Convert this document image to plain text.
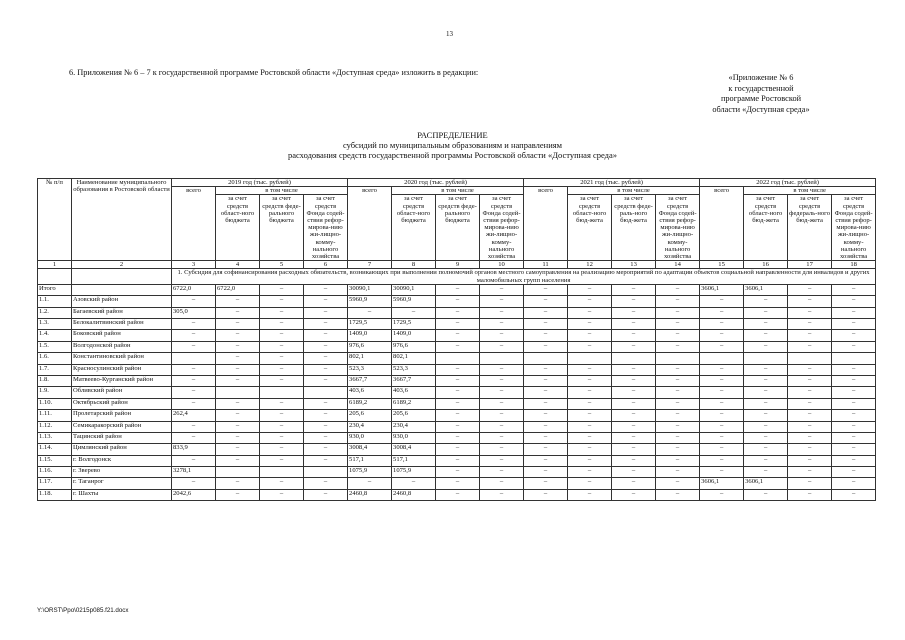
13
6. Приложения № 6 – 7 к государственной программе Ростовской области «Доступная среда» изложить в редакции:
«Приложение № 6
к государственной
программе Ростовской
области «Доступная среда»
РАСПРЕДЕЛЕНИЕ
субсидий по муниципальным образованиям и направлениям
расходования средств государственной программы Ростовской области «Доступная среда»
№ п/п	Наименование муниципального образования в Ростовской области	2019 год (тыс. рублей)				2020 год (тыс. рублей)				2021 год (тыс. рублей)				2022 год (тыс. рублей)			
		всего	в том числе			всего	в том числе			всего	в том числе			всего	в том числе		
			за счет средств област-ного бюджета	за счет средств феде-рального бюджета	за счет средств Фонда содей-ствия рефор-мирова-нию жи-лищно-комму-нального хозяйства		за счет средств област-ного бюджета	за счет средств феде-рального бюджета	за счет средств Фонда содей-ствия рефор-мирова-нию жи-лищно-комму-нального хозяйства		за счет средств област-ного бюд-жета	за счет средств феде-раль-ного бюд-жета	за счет средств Фонда содей-ствия рефор-мирова-нию жи-лищно-комму-нального хозяйства		за счет средств област-ного бюд-жета	за счет средств федераль-ного бюд-жета	за счет средств Фонда содей-ствия рефор-мирова-нию жи-лищно-комму-нального хозяйства
1	2	3	4	5	6	7	8	9	10	11	12	13	14	15	16	17	18
		1. Субсидия для софинансирования расходных обязательств, возникающих при выполнении полномочий органов местного самоуправления на реализацию мероприятий по адаптации объектов социальной направленности для инвалидов и других маломобильных групп населения															
Итого		6722,0	6722,0	–	–	30090,1	30090,1	–	–	–	–	–	–	3606,1	3606,1	–	–
1.1.	Азовский район	–	–	–	–	5960,9	5960,9	–	–	–	–	–	–	–	–	–	–
1.2.	Багаевский район	305,0	–	–	–	–	–	–	–	–	–	–	–	–	–	–	–
1.3.	Белокалитвинский район	–	–	–	–	1729,5	1729,5	–	–	–	–	–	–	–	–	–	–
1.4.	Боковский район	–	–	–	–	1409,0	1409,0	–	–	–	–	–	–	–	–	–	–
1.5.	Волгодонской район	–	–	–	–	976,6	976,6	–	–	–	–	–	–	–	–	–	–
1.6.	Константиновский район		–	–	–	802,1	802,1										
1.7.	Красносулинский район	–	–	–	–	523,3	523,3	–	–	–	–	–	–	–	–	–	–
1.8.	Матвеево-Курганский район	–	–	–	–	3667,7	3667,7	–	–	–	–	–	–	–	–	–	–
1.9.	Обливский район	–				403,6	403,6	–	–	–	–	–	–	–	–	–	–
1.10.	Октябрьский район	–	–	–	–	6189,2	6189,2	–	–	–	–	–	–	–	–	–	–
1.11.	Пролетарский район	262,4	–	–	–	205,6	205,6	–	–	–	–	–	–	–	–	–	–
1.12.	Семикаракорский район	–	–	–	–	230,4	230,4	–	–	–	–	–	–	–	–	–	–
1.13.	Тацинский район	–	–	–	–	930,0	930,0	–	–	–	–	–	–	–	–	–	–
1.14.	Цимлянский район	833,9	–	–	–	3008,4	3008,4	–	–	–	–	–	–	–	–	–	–
1.15.	г. Волгодонск	–	–	–	–	517,1	517,1	–	–	–	–	–	–	–	–	–	–
1.16.	г. Зверево	3278,1				1075,9	1075,9	–	–	–	–	–	–	–	–	–	–
1.17.	г. Таганрог	–	–	–	–	–	–	–	–	–	–	–	–	3606,1	3606,1	–	–
1.18.	г. Шахты	2042,6	–	–	–	2460,8	2460,8	–	–	–	–	–	–	–	–	–	–
Y:\ORST\Ppo\0215p085.f21.docx
